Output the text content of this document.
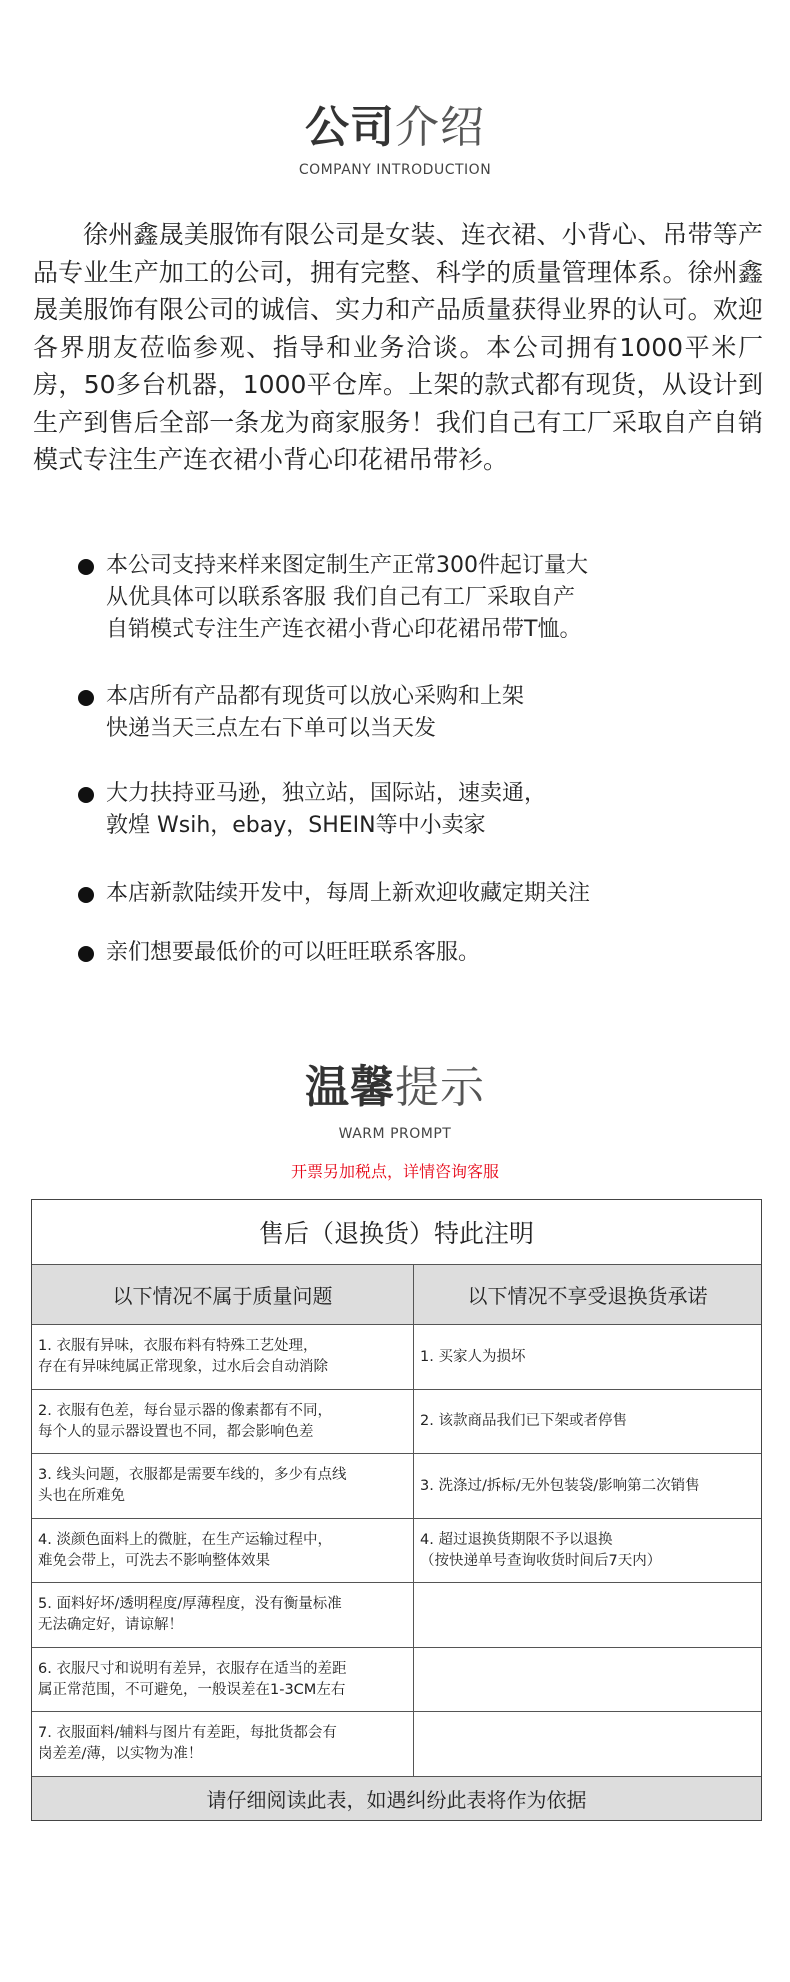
公司介绍
COMPANY INTRODUCTION

徐州鑫晟美服饰有限公司是女装、连衣裙、小背心、吊带等产品专业生产加工的公司，拥有完整、科学的质量管理体系。徐州鑫晟美服饰有限公司的诚信、实力和产品质量获得业界的认可。欢迎各界朋友莅临参观、指导和业务洽谈。本公司拥有1000平米厂房，50多台机器，1000平仓库。上架的款式都有现货，从设计到生产到售后全部一条龙为商家服务！我们自己有工厂采取自产自销模式专注生产连衣裙小背心印花裙吊带衫。

本公司支持来样来图定制生产正常300件起订量大
从优具体可以联系客服 我们自己有工厂采取自产
自销模式专注生产连衣裙小背心印花裙吊带T恤。
本店所有产品都有现货可以放心采购和上架
快递当天三点左右下单可以当天发
大力扶持亚马逊，独立站，国际站，速卖通，
敦煌 Wsih，ebay，SHEIN等中小卖家
本店新款陆续开发中，每周上新欢迎收藏定期关注
亲们想要最低价的可以旺旺联系客服。
温馨提示
WARM PROMPT
开票另加税点，详情咨询客服
售后（退换货）特此注明
以下情况不属于质量问题	以下情况不享受退换货承诺
1. 衣服有异味，衣服布料有特殊工艺处理，
存在有异味纯属正常现象，过水后会自动消除
1. 买家人为损坏
2. 衣服有色差，每台显示器的像素都有不同，
每个人的显示器设置也不同，都会影响色差
2. 该款商品我们已下架或者停售
3. 线头问题，衣服都是需要车线的，多少有点线
头也在所难免
3. 洗涤过/拆标/无外包装袋/影响第二次销售
4. 淡颜色面料上的微脏，在生产运输过程中，
难免会带上，可洗去不影响整体效果
4. 超过退换货期限不予以退换
（按快递单号查询收货时间后7天内）
5. 面料好坏/透明程度/厚薄程度，没有衡量标准
无法确定好，请谅解！
6. 衣服尺寸和说明有差异，衣服存在适当的差距
属正常范围，不可避免，一般误差在1-3CM左右
7. 衣服面料/辅料与图片有差距，每批货都会有
岗差差/薄，以实物为准！
请仔细阅读此表，如遇纠纷此表将作为依据
